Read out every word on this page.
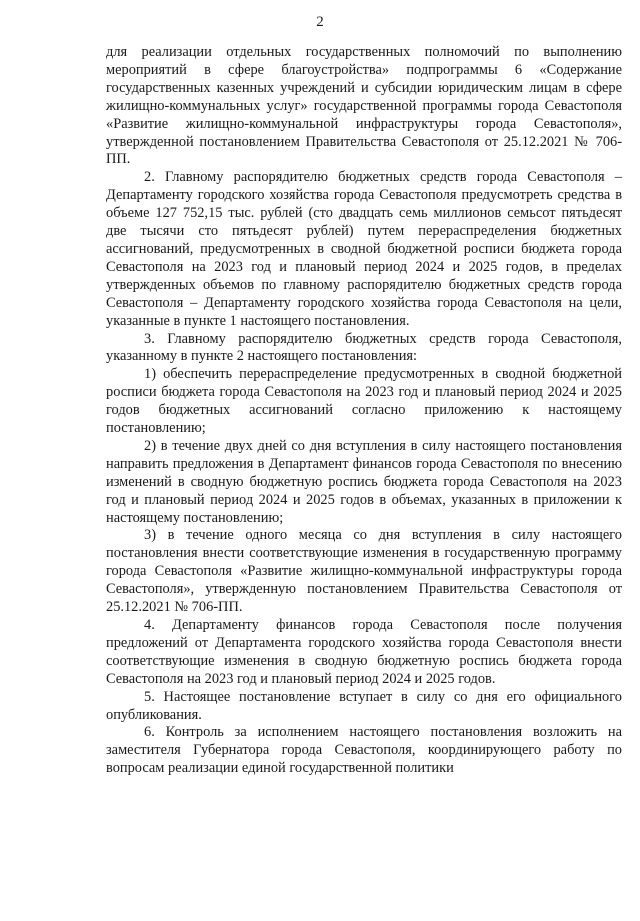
2

для реализации отдельных государственных полномочий по выполнению мероприятий в сфере благоустройства» подпрограммы 6 «Содержание государственных казенных учреждений и субсидии юридическим лицам в сфере жилищно-коммунальных услуг» государственной программы города Севастополя «Развитие жилищно-коммунальной инфраструктуры города Севастополя», утвержденной постановлением Правительства Севастополя от 25.12.2021 № 706-ПП.

2. Главному распорядителю бюджетных средств города Севастополя – Департаменту городского хозяйства города Севастополя предусмотреть средства в объеме 127 752,15 тыс. рублей (сто двадцать семь миллионов семьсот пятьдесят две тысячи сто пятьдесят рублей) путем перераспределения бюджетных ассигнований, предусмотренных в сводной бюджетной росписи бюджета города Севастополя на 2023 год и плановый период 2024 и 2025 годов, в пределах утвержденных объемов по главному распорядителю бюджетных средств города Севастополя – Департаменту городского хозяйства города Севастополя на цели, указанные в пункте 1 настоящего постановления.

3. Главному распорядителю бюджетных средств города Севастополя, указанному в пункте 2 настоящего постановления:

1) обеспечить перераспределение предусмотренных в сводной бюджетной росписи бюджета города Севастополя на 2023 год и плановый период 2024 и 2025 годов бюджетных ассигнований согласно приложению к настоящему постановлению;

2) в течение двух дней со дня вступления в силу настоящего постановления направить предложения в Департамент финансов города Севастополя по внесению изменений в сводную бюджетную роспись бюджета города Севастополя на 2023 год и плановый период 2024 и 2025 годов в объемах, указанных в приложении к настоящему постановлению;

3) в течение одного месяца со дня вступления в силу настоящего постановления внести соответствующие изменения в государственную программу города Севастополя «Развитие жилищно-коммунальной инфраструктуры города Севастополя», утвержденную постановлением Правительства Севастополя от 25.12.2021 № 706-ПП.

4. Департаменту финансов города Севастополя после получения предложений от Департамента городского хозяйства города Севастополя внести соответствующие изменения в сводную бюджетную роспись бюджета города Севастополя на 2023 год и плановый период 2024 и 2025 годов.

5. Настоящее постановление вступает в силу со дня его официального опубликования.

6. Контроль за исполнением настоящего постановления возложить на заместителя Губернатора города Севастополя, координирующего работу по вопросам реализации единой государственной политики
